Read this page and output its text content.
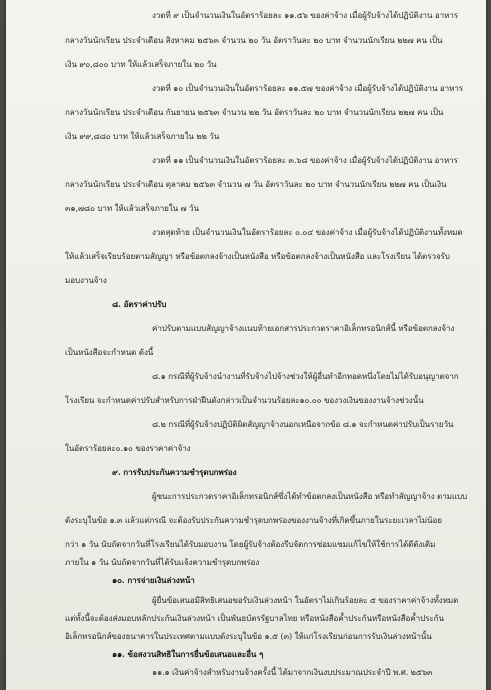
งวดที่ ๙ เป็นจำนวนเงินในอัตราร้อยละ ๑๑.๕๖ ของค่าจ้าง เมื่อผู้รับจ้างได้ปฏิบัติงาน อาหาร
กลางวันนักเรียน ประจำเดือน สิงหาคม ๒๕๖๓ จำนวน ๒๐ วัน อัตราวันละ ๒๐ บาท จำนวนนักเรียน ๒๒๗ คน เป็น
เงิน ๙๐,๘๐๐ บาท ให้แล้วเสร็จภายใน ๒๐ วัน
งวดที่ ๑๐ เป็นจำนวนเงินในอัตราร้อยละ ๑๑.๕๗ ของค่าจ้าง เมื่อผู้รับจ้างได้ปฏิบัติงาน อาหาร
กลางวันนักเรียน ประจำเดือน กันยายน ๒๕๖๓ จำนวน ๒๒ วัน อัตราวันละ ๒๐ บาท จำนวนนักเรียน ๒๒๗ คน เป็น
เงิน ๙๙,๘๘๐ บาท ให้แล้วเสร็จภายใน ๒๒ วัน
งวดที่ ๑๑ เป็นจำนวนเงินในอัตราร้อยละ ๓.๖๘ ของค่าจ้าง เมื่อผู้รับจ้างได้ปฏิบัติงาน อาหาร
กลางวันนักเรียน ประจำเดือน ตุลาคม ๒๕๖๓ จำนวน ๗ วัน อัตราวันละ ๒๐ บาท จำนวนนักเรียน ๒๒๗ คน เป็นเงิน
๓๑,๗๘๐ บาท ให้แล้วเสร็จภายใน ๗ วัน
งวดสุดท้าย เป็นจำนวนเงินในอัตราร้อยละ ๐.๐๔ ของค่าจ้าง เมื่อผู้รับจ้างได้ปฏิบัติงานทั้งหมด
ให้แล้วเสร็จเรียบร้อยตามสัญญา หรือข้อตกลงจ้างเป็นหนังสือ หรือข้อตกลงจ้างเป็นหนังสือ และโรงเรียน ได้ตรวจรับ
มอบงานจ้าง
๘. อัตราค่าปรับ
ค่าปรับตามแบบสัญญาจ้างแนบท้ายเอกสารประกวดราคาอิเล็กทรอนิกส์นี้ หรือข้อตกลงจ้าง
เป็นหนังสือจะกำหนด ดังนี้
๘.๑ กรณีที่ผู้รับจ้างนำงานที่รับจ้างไปจ้างช่วงให้ผู้อื่นทำอีกทอดหนึ่งโดยไม่ได้รับอนุญาตจาก
โรงเรียน จะกำหนดค่าปรับสำหรับการฝ่าฝืนดังกล่าวเป็นจำนวนร้อยละ๑๐.๐๐ ของวงเงินของงานจ้างช่วงนั้น
๘.๒ กรณีที่ผู้รับจ้างปฏิบัติผิดสัญญาจ้างนอกเหนือจากข้อ ๘.๑ จะกำหนดค่าปรับเป็นรายวัน
ในอัตราร้อยละ๐.๑๐ ของราคาค่าจ้าง
๙. การรับประกันความชำรุดบกพร่อง
ผู้ชนะการประกวดราคาอิเล็กทรอนิกส์ซึ่งได้ทำข้อตกลงเป็นหนังสือ หรือทำสัญญาจ้าง ตามแบบ
ดังระบุในข้อ ๑.๓ แล้วแต่กรณี จะต้องรับประกันความชำรุดบกพร่องของงานจ้างที่เกิดขึ้นภายในระยะเวลาไม่น้อย
กว่า ๑ วัน นับถัดจากวันที่โรงเรียนได้รับมอบงาน โดยผู้รับจ้างต้องรีบจัดการซ่อมแซมแก้ไขให้ใช้การได้ดีดังเดิม
ภายใน ๑ วัน นับถัดจากวันที่ได้รับแจ้งความชำรุดบกพร่อง
๑๐. การจ่ายเงินล่วงหน้า
ผู้ยื่นข้อเสนอมีสิทธิเสนอขอรับเงินล่วงหน้า ในอัตราไม่เกินร้อยละ ๕ ของราคาค่าจ้างทั้งหมด
แต่ทั้งนี้จะต้องส่งมอบหลักประกันเงินล่วงหน้า เป็นพันธบัตรรัฐบาลไทย หรือหนังสือค้ำประกันหรือหนังสือค้ำประกัน
อิเล็กทรอนิกส์ของธนาคารในประเทศตามแบบดังระบุในข้อ ๑.๕ (๓) ให้แก่โรงเรียนก่อนการรับเงินล่วงหน้านั้น
๑๑. ข้อสงวนสิทธิในการยื่นข้อเสนอและอื่น ๆ
๑๑.๑ เงินค่าจ้างสำหรับงานจ้างครั้งนี้ ได้มาจากเงินงบประมาณประจำปี พ.ศ. ๒๕๖๓
